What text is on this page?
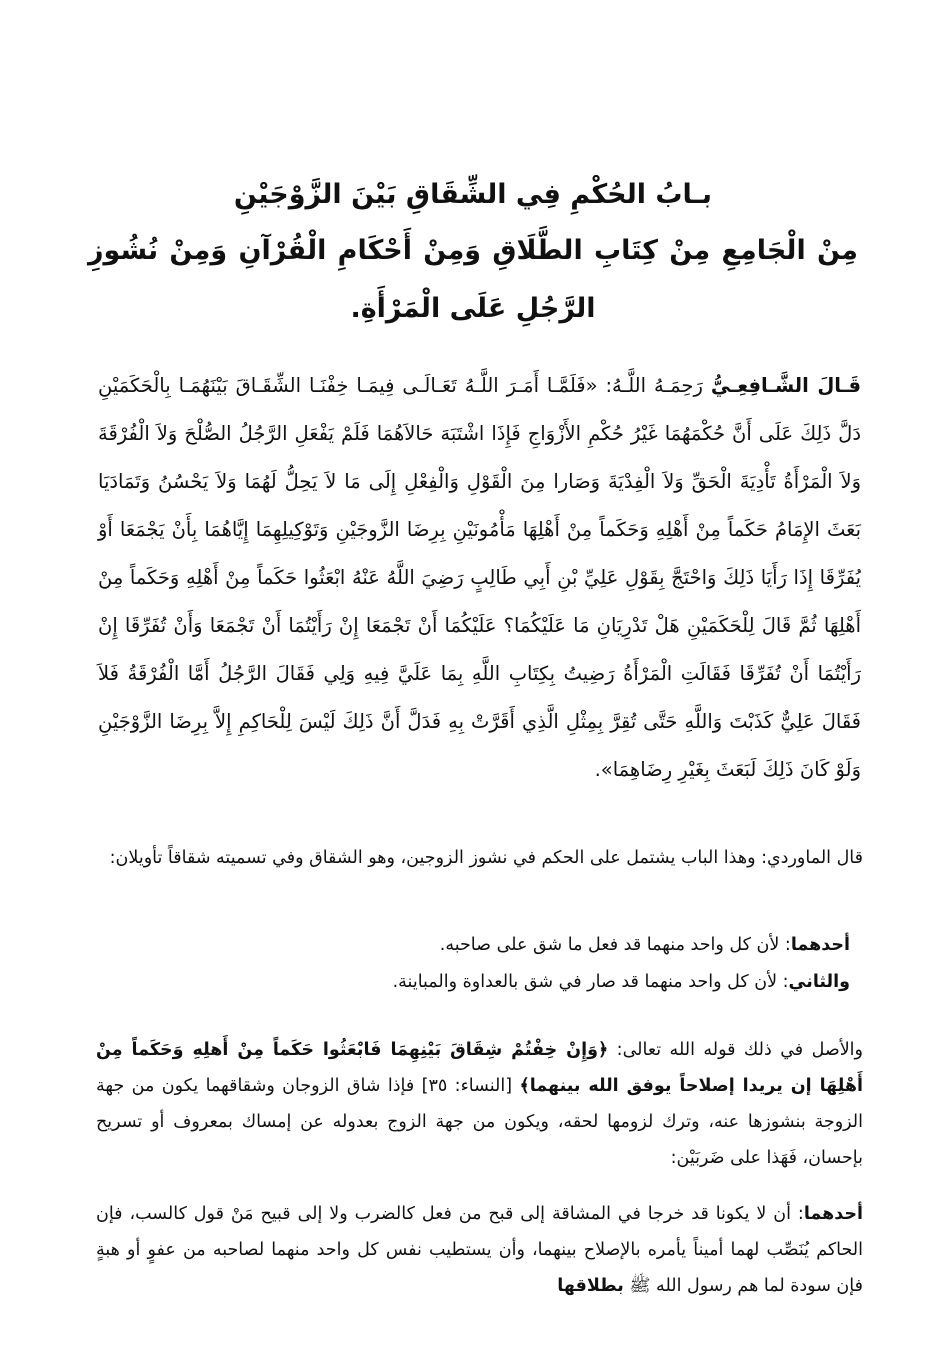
بـابُ الحُكْمِ فِي الشِّقَاقِ بَيْنَ الزَّوْجَيْنِ

مِنْ الْجَامِعِ مِنْ كِتَابِ الطَّلَاقِ وَمِنْ أَحْكَامِ الْقُرْآنِ وَمِنْ نُشُوزِ الرَّجُلِ عَلَى الْمَرْأَةِ.

قَـالَ الشَّـافِعِـيُّ رَحِمَـهُ اللَّـهُ: «فَلَمَّـا أَمَـرَ اللَّـهُ تَعَـالَـى فِيمَـا خِفْنَـا الشِّقَـاقَ بَيْنَهُمَـا بِالْحَكَمَيْنِ دَلَّ ذَلِكَ عَلَى أَنَّ حُكْمَهُمَا غَيْرُ حُكْمِ الأَزْوَاجِ فَإِذَا اشْتَبَهَ حَالاَهُمَا فَلَمْ يَفْعَلِ الرَّجُلُ الصُّلْحَ وَلاَ الْفُرْقَةَ وَلاَ الْمَرْأَةُ تَأْدِيَةَ الْحَقِّ وَلاَ الْفِدْيَةَ وَصَارا مِنَ الْقَوْلِ وَالْفِعْلِ إِلَى مَا لاَ يَحِلُّ لَهُمَا وَلاَ يَحْسُنُ وَتَمَادَيَا بَعَثَ الإِمَامُ حَكَماً مِنْ أَهْلِهِ وَحَكَماً مِنْ أَهْلِهَا مَأْمُونَيْنِ بِرِضَا الزَّوجَيْنِ وَتَوْكِيلِهِمَا إِيَّاهُمَا بِأَنْ يَجْمَعَا أَوْ يُفَرِّقَا إِذَا رَأَيَا ذَلِكَ وَاحْتَجَّ بِقَوْلِ عَلِيِّ بْنِ أَبِي طَالِبٍ رَضِيَ اللَّهُ عَنْهُ ابْعَثُوا حَكَماً مِنْ أَهْلِهِ وَحَكَماً مِنْ أَهْلِهَا ثُمَّ قَالَ لِلْحَكَمَيْنِ هَلْ تَدْرِيَانِ مَا عَلَيْكُمَا؟ عَلَيْكُمَا أَنْ تَجْمَعَا إِنْ رَأَيْتُمَا أَنْ تَجْمَعَا وَأَنْ تُفَرِّقَا إِنْ رَأَيْتُمَا أَنْ تُفَرِّقَا فَقَالَتِ الْمَرْأَةُ رَضِيتُ بِكِتَابِ اللَّهِ بِمَا عَلَيَّ فِيهِ وَلِي فَقَالَ الرَّجُلُ أَمَّا الْفُرْقَةُ فَلاَ فَقَالَ عَلِيٌّ كَذَبْتَ وَاللَّهِ حَتَّى تُقِرَّ بِمِثْلِ الَّذِي أَقَرَّتْ بِهِ فَدَلَّ أَنَّ ذَلِكَ لَيْسَ لِلْحَاكِمِ إِلاَّ بِرِضَا الزَّوْجَيْنِ وَلَوْ كَانَ ذَلِكَ لَبَعَثَ بِغَيْرِ رِضَاهِمَا».

قال الماوردي: وهذا الباب يشتمل على الحكم في نشوز الزوجين، وهو الشقاق وفي تسميته شقاقاً تأويلان:

أحدهما: لأن كل واحد منهما قد فعل ما شق على صاحبه.

والثاني: لأن كل واحد منهما قد صار في شق بالعداوة والمباينة.

والأصل في ذلك قوله الله تعالى: ﴿وَإِنْ خِفْتُمْ شِقَاقَ بَيْنِهِمَا فَابْعَثُوا حَكَماً مِنْ أَهلِهِ وَحَكَماً مِنْ أَهْلِهَا إن يريدا إصلاحاً يوفق الله بينهما﴾ [النساء: ٣٥] فإذا شاق الزوجان وشقاقهما يكون من جهة الزوجة بنشوزها عنه، وترك لزومها لحقه، ويكون من جهة الزوج بعدوله عن إمساك بمعروف أو تسريح بإحسان، فَهَذا على ضَربَيْن:

أحدهما: أن لا يكونا قد خرجا في المشاقة إلى قبح من فعل كالضرب ولا إلى قبيح مَنْ قول كالسب، فإن الحاكم يُنَصِّب لهما أميناً يأمره بالإصلاح بينهما، وأن يستطيب نفس كل واحد منهما لصاحبه من عفوٍ أو هبةٍ فإن سودة لما هم رسول الله ﷺ بطلاقها
